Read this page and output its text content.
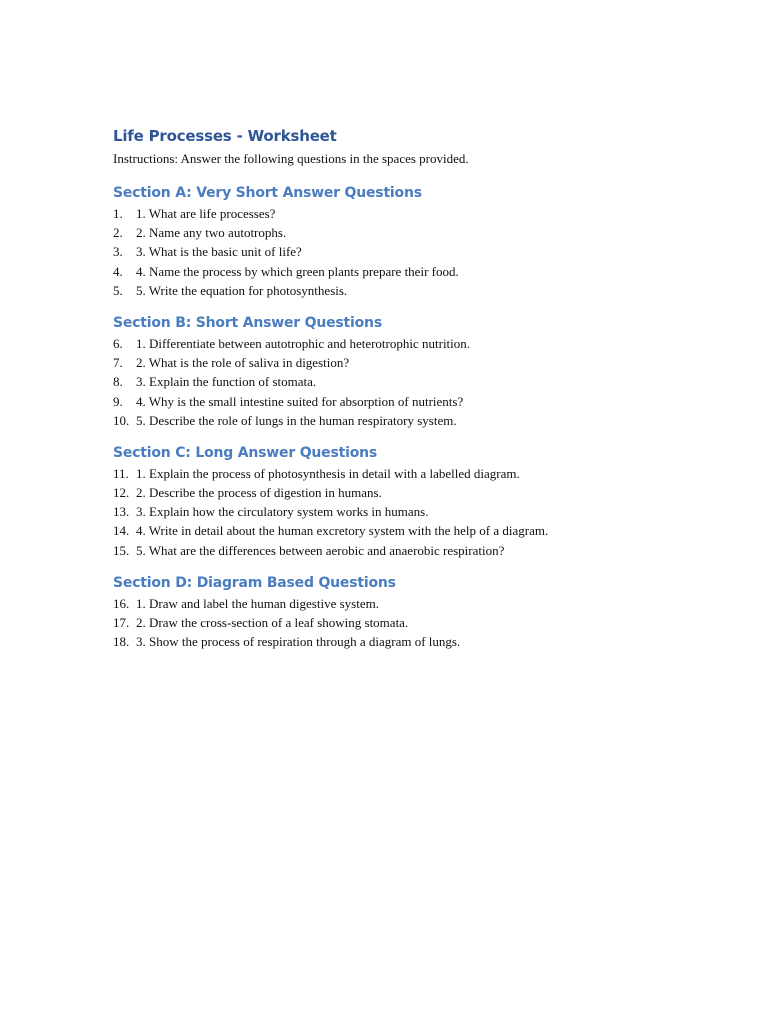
Life Processes - Worksheet

Instructions: Answer the following questions in the spaces provided.

Section A: Very Short Answer Questions
1. 1. What are life processes?
2. 2. Name any two autotrophs.
3. 3. What is the basic unit of life?
4. 4. Name the process by which green plants prepare their food.
5. 5. Write the equation for photosynthesis.
Section B: Short Answer Questions
6. 1. Differentiate between autotrophic and heterotrophic nutrition.
7. 2. What is the role of saliva in digestion?
8. 3. Explain the function of stomata.
9. 4. Why is the small intestine suited for absorption of nutrients?
10. 5. Describe the role of lungs in the human respiratory system.
Section C: Long Answer Questions
11. 1. Explain the process of photosynthesis in detail with a labelled diagram.
12. 2. Describe the process of digestion in humans.
13. 3. Explain how the circulatory system works in humans.
14. 4. Write in detail about the human excretory system with the help of a diagram.
15. 5. What are the differences between aerobic and anaerobic respiration?
Section D: Diagram Based Questions
16. 1. Draw and label the human digestive system.
17. 2. Draw the cross-section of a leaf showing stomata.
18. 3. Show the process of respiration through a diagram of lungs.
